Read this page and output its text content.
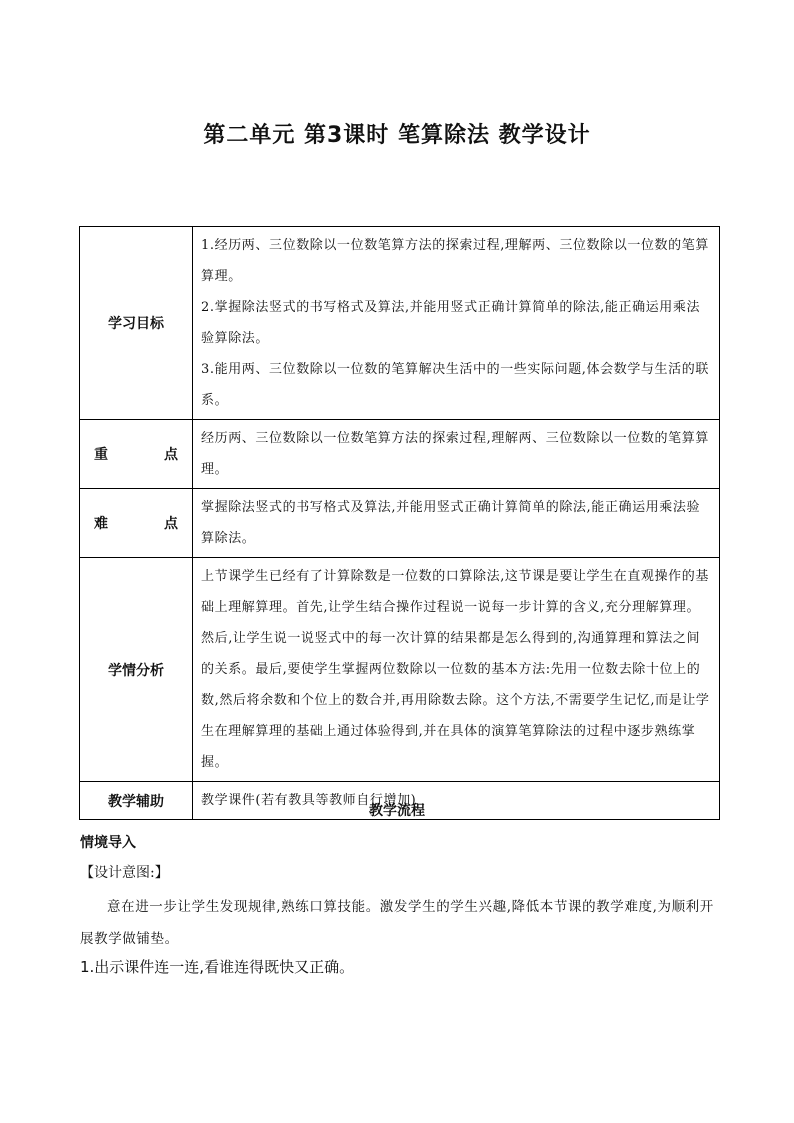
第二单元 第3课时 笔算除法 教学设计
学习目标	1.经历两、三位数除以一位数笔算方法的探索过程,理解两、三位数除以一位数的笔算算理。

2.掌握除法竖式的书写格式及算法,并能用竖式正确计算简单的除法,能正确运用乘法验算除法。

3.能用两、三位数除以一位数的笔算解决生活中的一些实际问题,体会数学与生活的联系。

重 点	经历两、三位数除以一位数笔算方法的探索过程,理解两、三位数除以一位数的笔算算理。
难 点	掌握除法竖式的书写格式及算法,并能用竖式正确计算简单的除法,能正确运用乘法验算除法。
学情分析	上节课学生已经有了计算除数是一位数的口算除法,这节课是要让学生在直观操作的基础上理解算理。首先,让学生结合操作过程说一说每一步计算的含义,充分理解算理。然后,让学生说一说竖式中的每一次计算的结果都是怎么得到的,沟通算理和算法之间的关系。最后,要使学生掌握两位数除以一位数的基本方法:先用一位数去除十位上的数,然后将余数和个位上的数合并,再用除数去除。这个方法,不需要学生记忆,而是让学生在理解算理的基础上通过体验得到,并在具体的演算笔算除法的过程中逐步熟练掌握。
教学辅助	教学课件(若有教具等教师自行增加)
教学流程
情境导入
【设计意图:】
意在进一步让学生发现规律,熟练口算技能。激发学生的学生兴趣,降低本节课的教学难度,为顺利开展教学做铺垫。
1.出示课件连一连,看谁连得既快又正确。
